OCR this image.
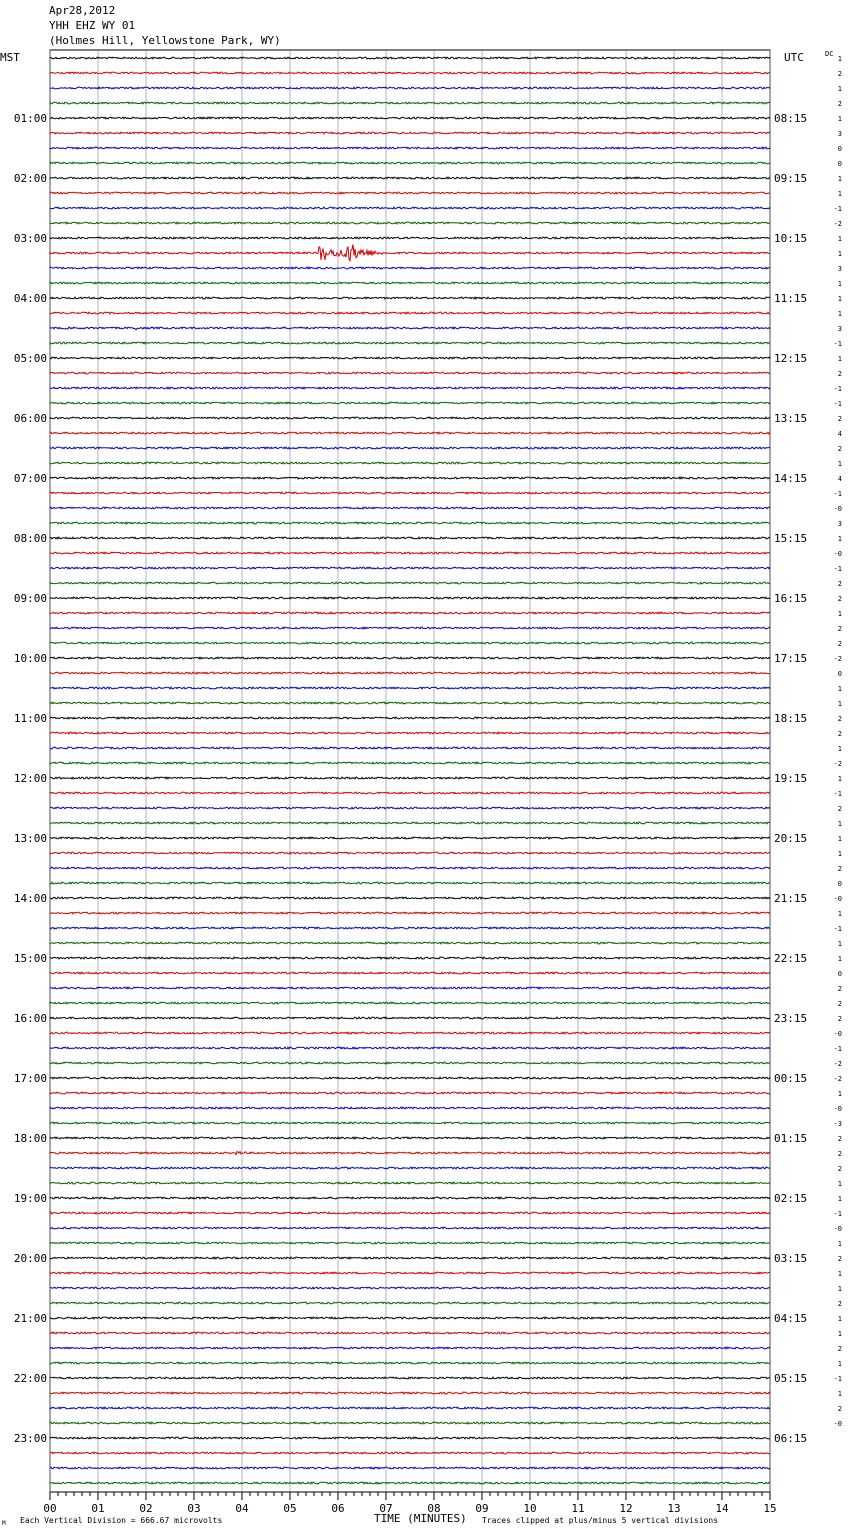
Apr28,2012
YHH EHZ WY 01
(Holmes Hill, Yellowstone Park, WY)
00	01	02	03	04	05	06	07	08	09	10	11	12	13	14	15
1
2
1
2
1
3
0
0
1
1
-1
-2
1
1
3
1
1
1
3
-1
1
2
-1
-1
2
4
2
1
4
-1
-0
3
1
-0
-1
2
2
1
2
2
-2
0
1
1
2
2
1
-2
1
-1
2
1
1
1
2
0
-0
1
-1
1
1
0
2
2
2
-0
-1
-2
-2
1
-0
-3
2
2
2
1
1
-1
-0
1
2
1
1
2
1
1
2
1
-1
1
2
-0
01:00	08:15
02:00	09:15
03:00	10:15
04:00	11:15
05:00	12:15
06:00	13:15
07:00	14:15
08:00	15:15
09:00	16:15
10:00	17:15
11:00	18:15
12:00	19:15
13:00	20:15
14:00	21:15
15:00	22:15
16:00	23:15
17:00	00:15
18:00	01:15
19:00	02:15
20:00	03:15
21:00	04:15
22:00	05:15
23:00	06:15
MST	UTC	DC
M Each Vertical Division = 666.67 microvolts	TIME (MINUTES) Traces clipped at plus/minus 5 vertical divisions
